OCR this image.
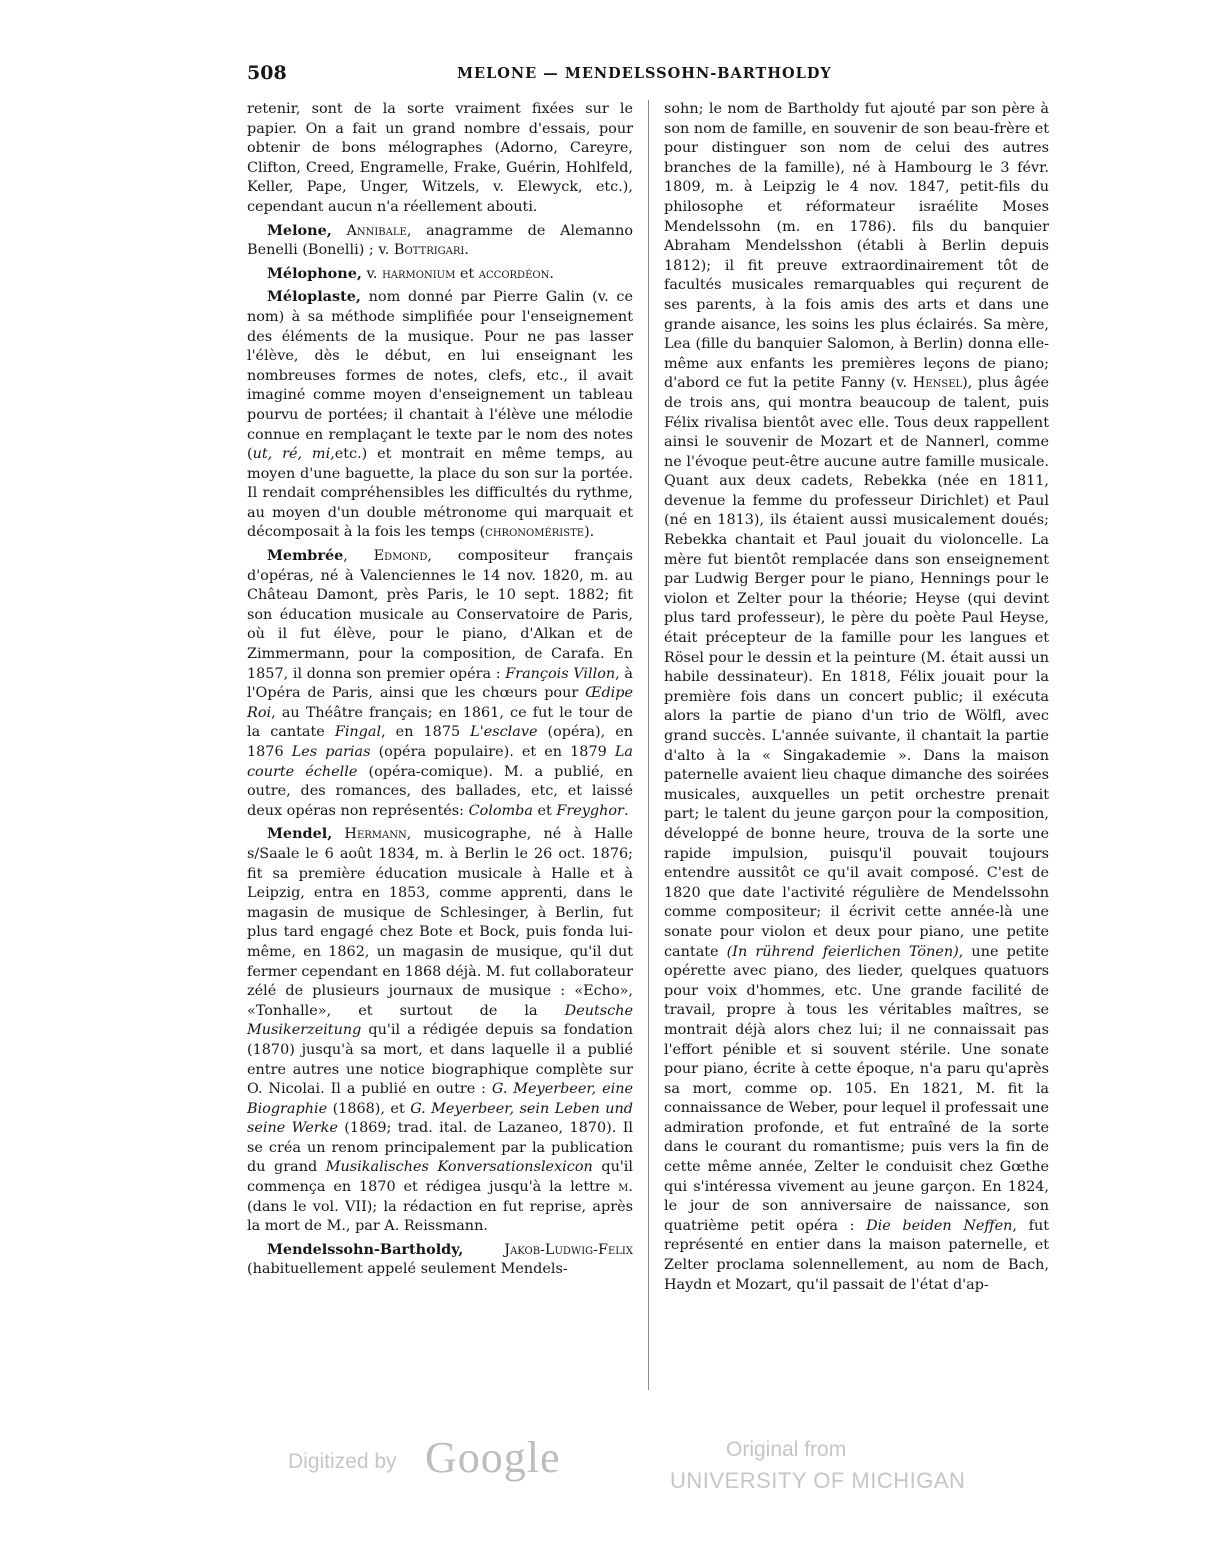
508	MELONE — MENDELSSOHN-BARTHOLDY

retenir, sont de la sorte vraiment fixées sur le papier. On a fait un grand nombre d'essais, pour obtenir de bons mélographes (Adorno, Careyre, Clifton, Creed, Engramelle, Frake, Guérin, Hohlfeld, Keller, Pape, Unger, Witzels, v. Elewyck, etc.), cependant aucun n'a réellement abouti.

Melone, Annibale, anagramme de Alemanno Benelli (Bonelli) ; v. Bottrigari.

Mélophone, v. harmonium et accordéon.

Méloplaste, nom donné par Pierre Galin (v. ce nom) à sa méthode simplifiée pour l'enseignement des éléments de la musique. Pour ne pas lasser l'élève, dès le début, en lui enseignant les nombreuses formes de notes, clefs, etc., il avait imaginé comme moyen d'enseignement un tableau pourvu de portées; il chantait à l'élève une mélodie connue en remplaçant le texte par le nom des notes (ut, ré, mi,etc.) et montrait en même temps, au moyen d'une baguette, la place du son sur la portée. Il rendait compréhensibles les difficultés du rythme, au moyen d'un double métronome qui marquait et décomposait à la fois les temps (chronomériste).

Membrée, Edmond, compositeur français d'opéras, né à Valenciennes le 14 nov. 1820, m. au Château Damont, près Paris, le 10 sept. 1882; fit son éducation musicale au Conservatoire de Paris, où il fut élève, pour le piano, d'Alkan et de Zimmermann, pour la composition, de Carafa. En 1857, il donna son premier opéra : François Villon, à l'Opéra de Paris, ainsi que les chœurs pour Œdipe Roi, au Théâtre français; en 1861, ce fut le tour de la cantate Fingal, en 1875 L'esclave (opéra), en 1876 Les parias (opéra populaire). et en 1879 La courte échelle (opéra-comique). M. a publié, en outre, des romances, des ballades, etc, et laissé deux opéras non représentés: Colomba et Freyghor.

Mendel, Hermann, musicographe, né à Halle s/Saale le 6 août 1834, m. à Berlin le 26 oct. 1876; fit sa première éducation musicale à Halle et à Leipzig, entra en 1853, comme apprenti, dans le magasin de musique de Schlesinger, à Berlin, fut plus tard engagé chez Bote et Bock, puis fonda lui-même, en 1862, un magasin de musique, qu'il dut fermer cependant en 1868 déjà. M. fut collaborateur zélé de plusieurs journaux de musique : «Echo», «Tonhalle», et surtout de la Deutsche Musikerzeitung qu'il a rédigée depuis sa fondation (1870) jusqu'à sa mort, et dans laquelle il a publié entre autres une notice biographique complète sur O. Nicolai. Il a publié en outre : G. Meyerbeer, eine Biographie (1868), et G. Meyerbeer, sein Leben und seine Werke (1869; trad. ital. de Lazaneo, 1870). Il se créa un renom principalement par la publication du grand Musikalisches Konversationslexicon qu'il commença en 1870 et rédigea jusqu'à la lettre m. (dans le vol. VII); la rédaction en fut reprise, après la mort de M., par A. Reissmann.

Mendelssohn-Bartholdy, Jakob-Ludwig-Felix (habituellement appelé seulement Mendels-

sohn; le nom de Bartholdy fut ajouté par son père à son nom de famille, en souvenir de son beau-frère et pour distinguer son nom de celui des autres branches de la famille), né à Hambourg le 3 févr. 1809, m. à Leipzig le 4 nov. 1847, petit-fils du philosophe et réformateur israélite Moses Mendelssohn (m. en 1786). fils du banquier Abraham Mendelsshon (établi à Berlin depuis 1812); il fit preuve extraordinairement tôt de facultés musicales remarquables qui reçurent de ses parents, à la fois amis des arts et dans une grande aisance, les soins les plus éclairés. Sa mère, Lea (fille du banquier Salomon, à Berlin) donna elle-même aux enfants les premières leçons de piano; d'abord ce fut la petite Fanny (v. Hensel), plus âgée de trois ans, qui montra beaucoup de talent, puis Félix rivalisa bientôt avec elle. Tous deux rappellent ainsi le souvenir de Mozart et de Nannerl, comme ne l'évoque peut-être aucune autre famille musicale. Quant aux deux cadets, Rebekka (née en 1811, devenue la femme du professeur Dirichlet) et Paul (né en 1813), ils étaient aussi musicalement doués; Rebekka chantait et Paul jouait du violoncelle. La mère fut bientôt remplacée dans son enseignement par Ludwig Berger pour le piano, Hennings pour le violon et Zelter pour la théorie; Heyse (qui devint plus tard professeur), le père du poète Paul Heyse, était précepteur de la famille pour les langues et Rösel pour le dessin et la peinture (M. était aussi un habile dessinateur). En 1818, Félix jouait pour la première fois dans un concert public; il exécuta alors la partie de piano d'un trio de Wölfl, avec grand succès. L'année suivante, il chantait la partie d'alto à la « Singakademie ». Dans la maison paternelle avaient lieu chaque dimanche des soirées musicales, auxquelles un petit orchestre prenait part; le talent du jeune garçon pour la composition, développé de bonne heure, trouva de la sorte une rapide impulsion, puisqu'il pouvait toujours entendre aussitôt ce qu'il avait composé. C'est de 1820 que date l'activité régulière de Mendelssohn comme compositeur; il écrivit cette année-là une sonate pour violon et deux pour piano, une petite cantate (In rührend feierlichen Tönen), une petite opérette avec piano, des lieder, quelques quatuors pour voix d'hommes, etc. Une grande facilité de travail, propre à tous les véritables maîtres, se montrait déjà alors chez lui; il ne connaissait pas l'effort pénible et si souvent stérile. Une sonate pour piano, écrite à cette époque, n'a paru qu'après sa mort, comme op. 105. En 1821, M. fit la connaissance de Weber, pour lequel il professait une admiration profonde, et fut entraîné de la sorte dans le courant du romantisme; puis vers la fin de cette même année, Zelter le conduisit chez Gœthe qui s'intéressa vivement au jeune garçon. En 1824, le jour de son anniversaire de naissance, son quatrième petit opéra : Die beiden Neffen, fut représenté en entier dans la maison paternelle, et Zelter proclama solennellement, au nom de Bach, Haydn et Mozart, qu'il passait de l'état d'ap-

Digitized by Google	Original from
UNIVERSITY OF MICHIGAN
